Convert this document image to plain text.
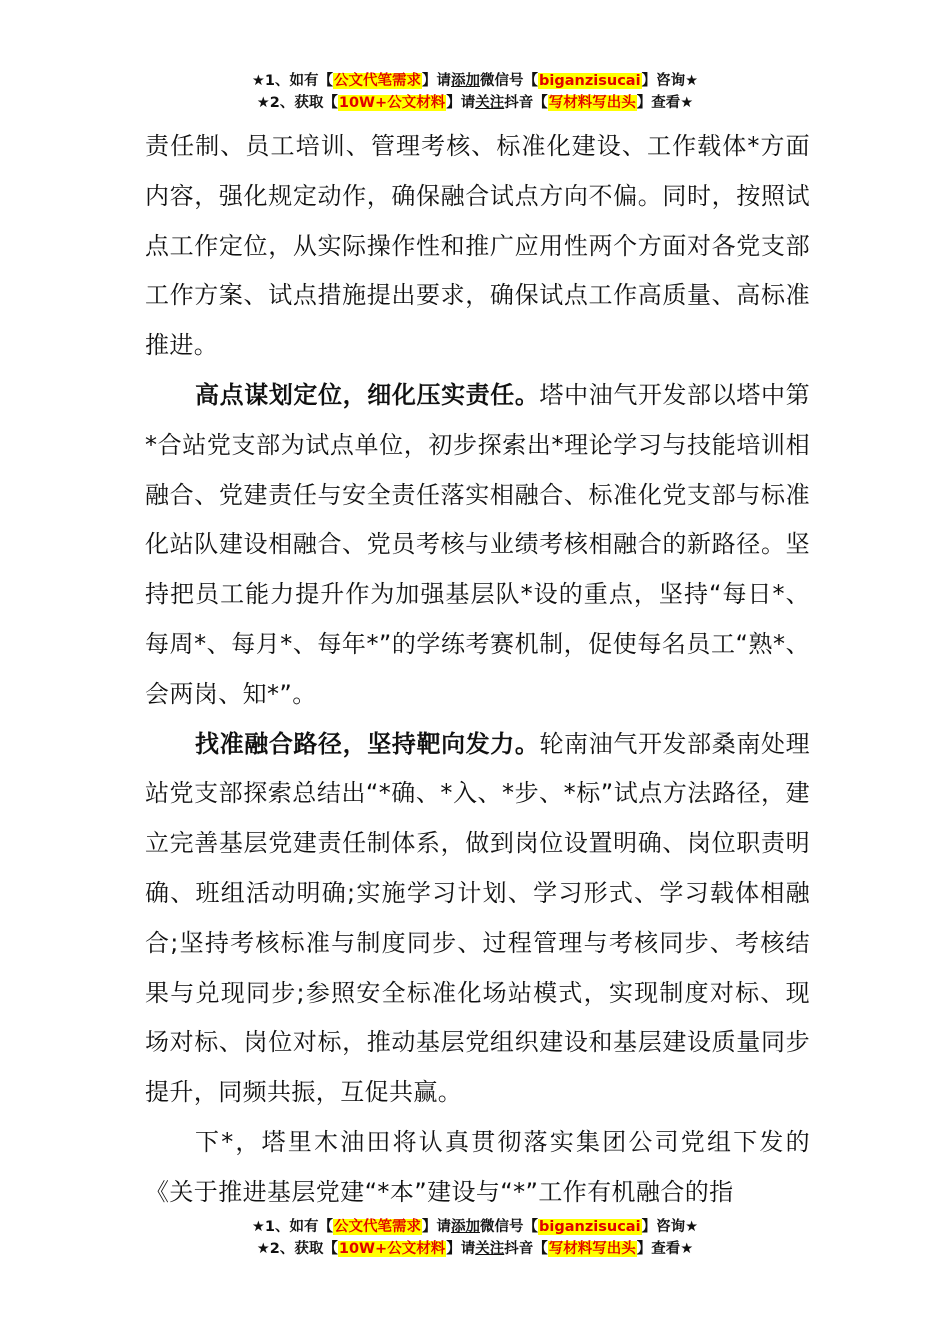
★1、如有【公文代笔需求】请添加微信号【biganzisucai】咨询★
★2、获取【10W+公文材料】请关注抖音【写材料写出头】查看★

责任制、员工培训、管理考核、标准化建设、工作载体*方面内容，强化规定动作，确保融合试点方向不偏。同时，按照试点工作定位，从实际操作性和推广应用性两个方面对各党支部工作方案、试点措施提出要求，确保试点工作高质量、高标准推进。

高点谋划定位，细化压实责任。塔中油气开发部以塔中第*合站党支部为试点单位，初步探索出*理论学习与技能培训相融合、党建责任与安全责任落实相融合、标准化党支部与标准化站队建设相融合、党员考核与业绩考核相融合的新路径。坚持把员工能力提升作为加强基层队*设的重点，坚持“每日*、每周*、每月*、每年*”的学练考赛机制，促使每名员工“熟*、会两岗、知*”。

找准融合路径，坚持靶向发力。轮南油气开发部桑南处理站党支部探索总结出“*确、*入、*步、*标”试点方法路径，建立完善基层党建责任制体系，做到岗位设置明确、岗位职责明确、班组活动明确;实施学习计划、学习形式、学习载体相融合;坚持考核标准与制度同步、过程管理与考核同步、考核结果与兑现同步;参照安全标准化场站模式，实现制度对标、现场对标、岗位对标，推动基层党组织建设和基层建设质量同步提升，同频共振，互促共赢。

下*，塔里木油田将认真贯彻落实集团公司党组下发的《关于推进基层党建“*本”建设与“*”工作有机融合的指

★1、如有【公文代笔需求】请添加微信号【biganzisucai】咨询★
★2、获取【10W+公文材料】请关注抖音【写材料写出头】查看★
